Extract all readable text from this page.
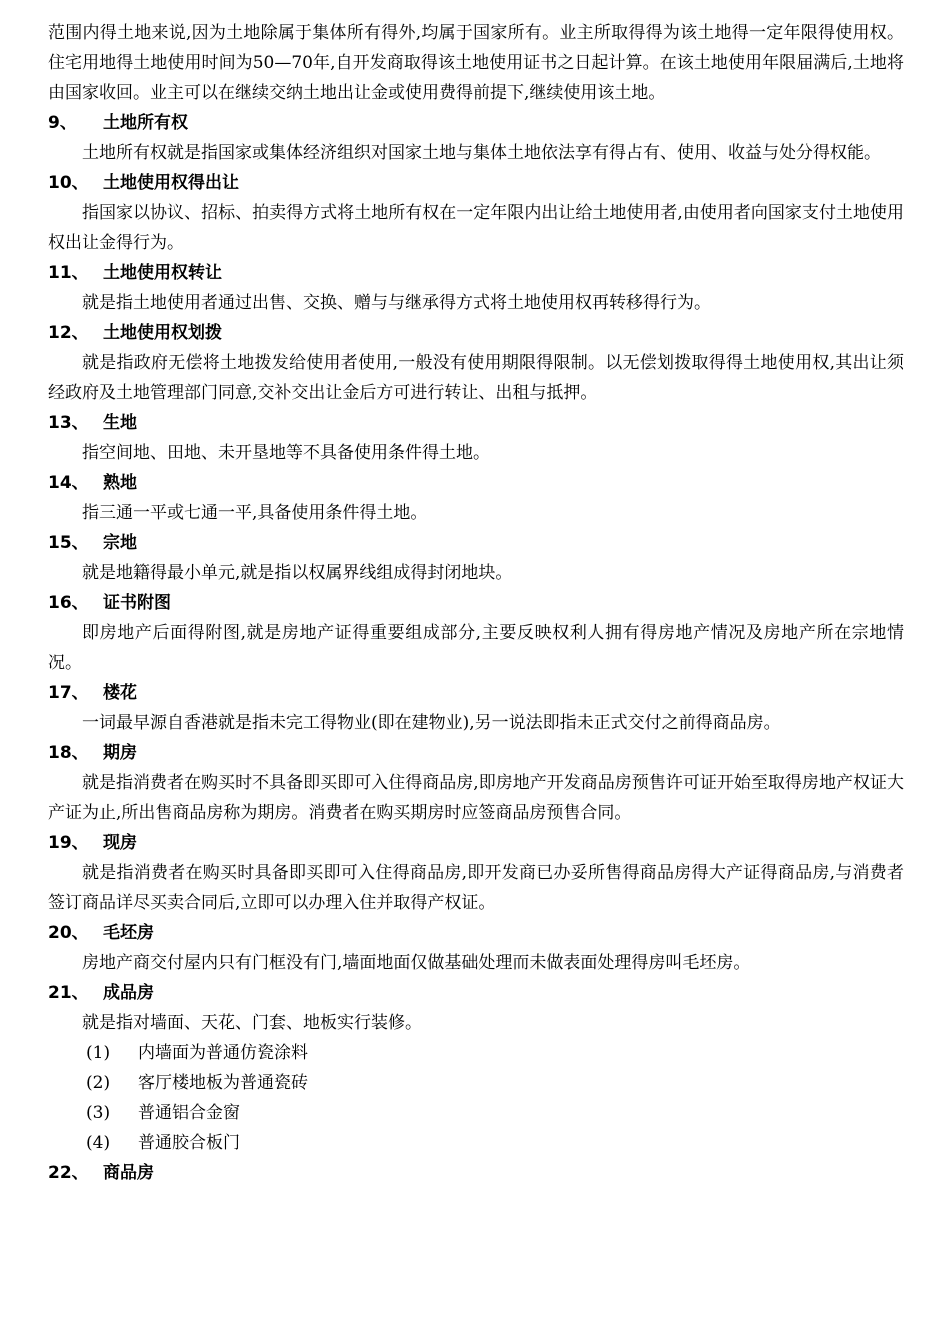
范围内得土地来说,因为土地除属于集体所有得外,均属于国家所有。业主所取得得为该土地得一定年限得使用权。住宅用地得土地使用时间为50—70年,自开发商取得该土地使用证书之日起计算。在该土地使用年限届满后,土地将由国家收回。业主可以在继续交纳土地出让金或使用费得前提下,继续使用该土地。

9、	土地所有权

土地所有权就是指国家或集体经济组织对国家土地与集体土地依法享有得占有、使用、收益与处分得权能。

10、 土地使用权得出让

指国家以协议、招标、拍卖得方式将土地所有权在一定年限内出让给土地使用者,由使用者向国家支付土地使用权出让金得行为。

11、 土地使用权转让

就是指土地使用者通过出售、交换、赠与与继承得方式将土地使用权再转移得行为。

12、 土地使用权划拨

就是指政府无偿将土地拨发给使用者使用,一般没有使用期限得限制。以无偿划拨取得得土地使用权,其出让须经政府及土地管理部门同意,交补交出让金后方可进行转让、出租与抵押。

13、 生地

指空间地、田地、未开垦地等不具备使用条件得土地。

14、 熟地

指三通一平或七通一平,具备使用条件得土地。

15、 宗地

就是地籍得最小单元,就是指以权属界线组成得封闭地块。

16、 证书附图

即房地产后面得附图,就是房地产证得重要组成部分,主要反映权利人拥有得房地产情况及房地产所在宗地情况。

17、 楼花

一词最早源自香港就是指未完工得物业(即在建物业),另一说法即指未正式交付之前得商品房。

18、 期房

就是指消费者在购买时不具备即买即可入住得商品房,即房地产开发商品房预售许可证开始至取得房地产权证大产证为止,所出售商品房称为期房。消费者在购买期房时应签商品房预售合同。

19、 现房

就是指消费者在购买时具备即买即可入住得商品房,即开发商已办妥所售得商品房得大产证得商品房,与消费者签订商品详尽买卖合同后,立即可以办理入住并取得产权证。

20、 毛坯房

房地产商交付屋内只有门框没有门,墙面地面仅做基础处理而未做表面处理得房叫毛坯房。

21、 成品房

就是指对墙面、天花、门套、地板实行装修。

(1)	内墙面为普通仿瓷涂料
(2)	客厅楼地板为普通瓷砖
(3)	普通铝合金窗
(4)	普通胶合板门
22、 商品房
